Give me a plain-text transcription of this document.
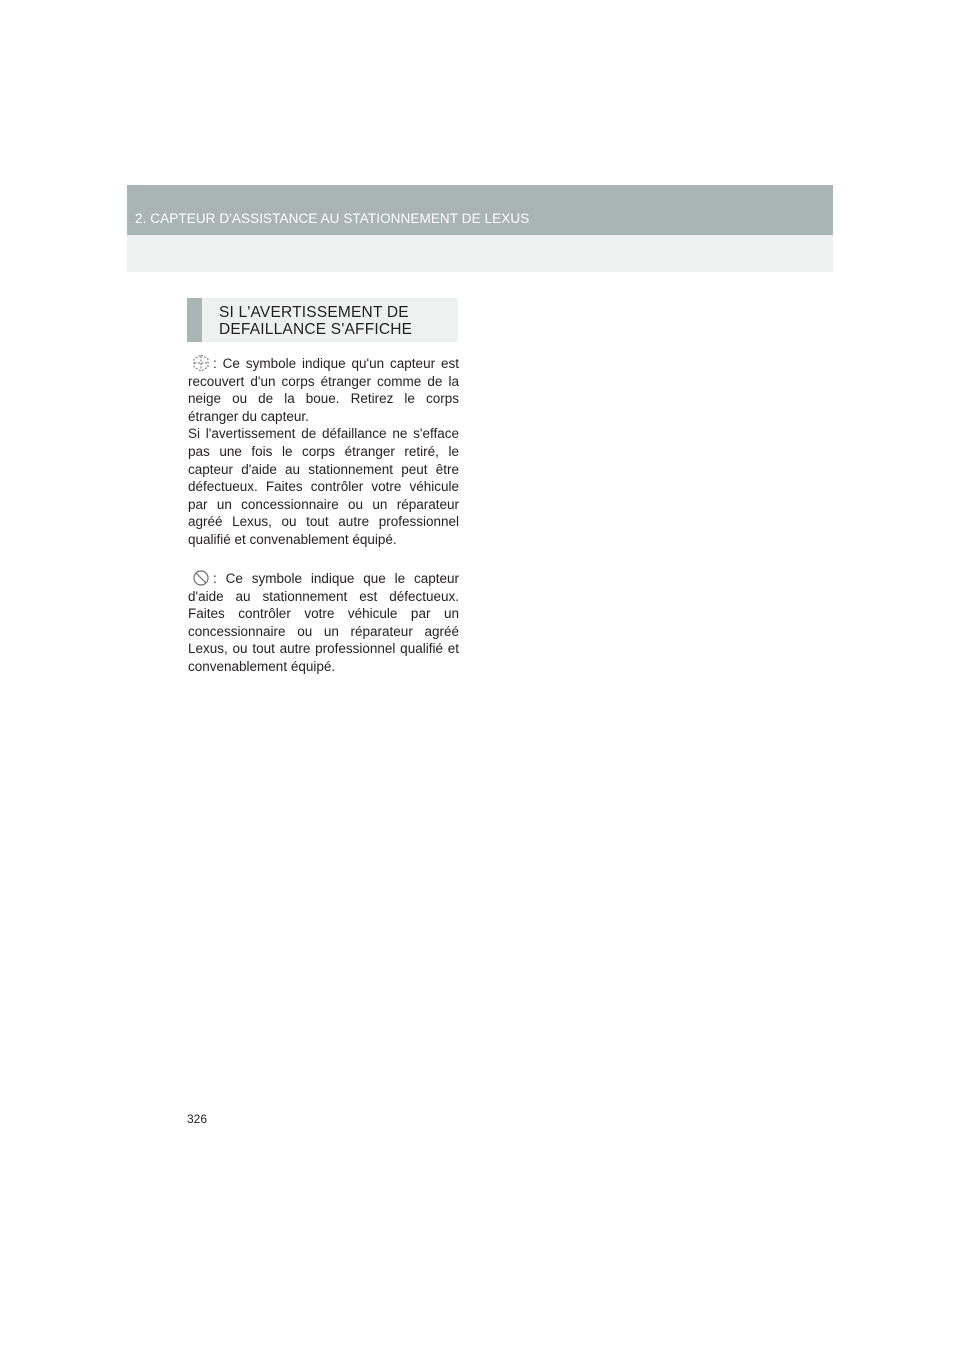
2. CAPTEUR D'ASSISTANCE AU STATIONNEMENT DE LEXUS
SI L'AVERTISSEMENT DE DEFAILLANCE S'AFFICHE

: Ce symbole indique qu'un capteur est recouvert d'un corps étranger comme de la neige ou de la boue. Retirez le corps étranger du capteur.

Si l'avertissement de défaillance ne s'efface pas une fois le corps étranger retiré, le capteur d'aide au stationnement peut être défectueux. Faites contrôler votre véhicule par un concessionnaire ou un réparateur agréé Lexus, ou tout autre professionnel qualifié et convenablement équipé.

: Ce symbole indique que le capteur d'aide au stationnement est défectueux. Faites contrôler votre véhicule par un concessionnaire ou un réparateur agréé Lexus, ou tout autre professionnel qualifié et convenablement équipé.

326
